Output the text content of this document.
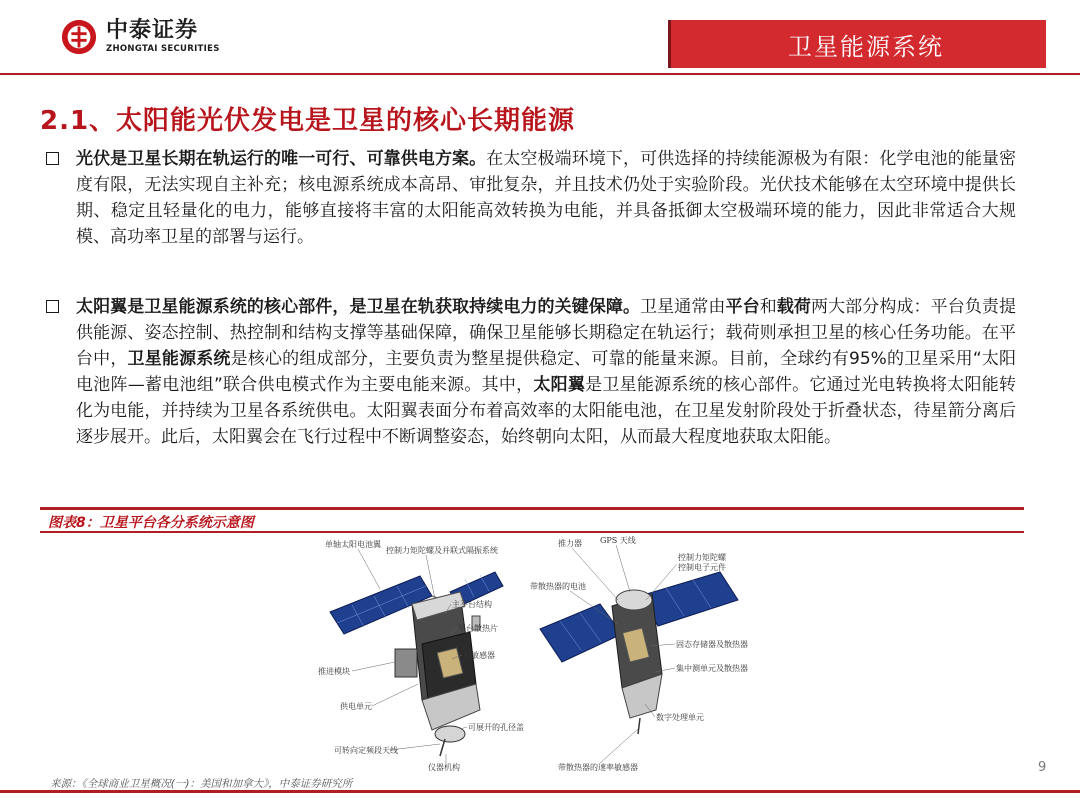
中泰证券
ZHONGTAI SECURITIES	卫星能源系统
2.1、太阳能光伏发电是卫星的核心长期能源
光伏是卫星长期在轨运行的唯一可行、可靠供电方案。在太空极端环境下，可供选择的持续能源极为有限：化学电池的能量密度有限，无法实现自主补充；核电源系统成本高昂、审批复杂，并且技术仍处于实验阶段。光伏技术能够在太空环境中提供长期、稳定且轻量化的电力，能够直接将丰富的太阳能高效转换为电能，并具备抵御太空极端环境的能力，因此非常适合大规模、高功率卫星的部署与运行。
太阳翼是卫星能源系统的核心部件，是卫星在轨获取持续电力的关键保障。卫星通常由平台和载荷两大部分构成：平台负责提供能源、姿态控制、热控制和结构支撑等基础保障，确保卫星能够长期稳定在轨运行；载荷则承担卫星的核心任务功能。在平台中，卫星能源系统是核心的组成部分，主要负责为整星提供稳定、可靠的能量来源。目前，全球约有95%的卫星采用“太阳电池阵—蓄电池组”联合供电模式作为主要电能来源。其中，太阳翼是卫星能源系统的核心部件。它通过光电转换将太阳能转化为电能，并持续为卫星各系统供电。太阳翼表面分布着高效率的太阳能电池，在卫星发射阶段处于折叠状态，待星箭分离后逐步展开。此后，太阳翼会在飞行过程中不断调整姿态，始终朝向太阳，从而最大程度地获取太阳能。
图表8：卫星平台各分系统示意图
单轴太阳电池翼
控制力矩陀螺及并联式隔振系统
主平台结构
平台散热片
星敏感器
推进模块
供电单元
可展开的孔径盖
可转向定频段天线
仪器机构
推力器 GPS 天线
控制力矩陀螺
控制电子元件
带散热器的电池
固态存储器及散热器
集中测单元及散热器
数字处理单元
带散热器的速率敏感器
来源：《全球商业卫星概况(一)：美国和加拿大》，中泰证券研究所
9
